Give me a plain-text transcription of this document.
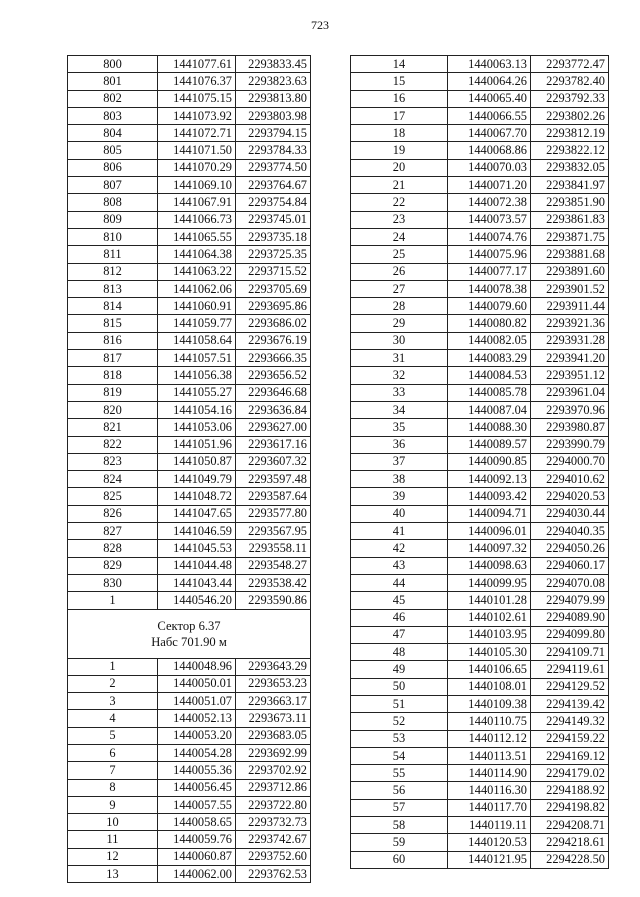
723
800	1441077.61	2293833.45
801	1441076.37	2293823.63
802	1441075.15	2293813.80
803	1441073.92	2293803.98
804	1441072.71	2293794.15
805	1441071.50	2293784.33
806	1441070.29	2293774.50
807	1441069.10	2293764.67
808	1441067.91	2293754.84
809	1441066.73	2293745.01
810	1441065.55	2293735.18
811	1441064.38	2293725.35
812	1441063.22	2293715.52
813	1441062.06	2293705.69
814	1441060.91	2293695.86
815	1441059.77	2293686.02
816	1441058.64	2293676.19
817	1441057.51	2293666.35
818	1441056.38	2293656.52
819	1441055.27	2293646.68
820	1441054.16	2293636.84
821	1441053.06	2293627.00
822	1441051.96	2293617.16
823	1441050.87	2293607.32
824	1441049.79	2293597.48
825	1441048.72	2293587.64
826	1441047.65	2293577.80
827	1441046.59	2293567.95
828	1441045.53	2293558.11
829	1441044.48	2293548.27
830	1441043.44	2293538.42
1	1440546.20	2293590.86

Сектор 6.37
Набс 701.90 м		

1	1440048.96	2293643.29
2	1440050.01	2293653.23
3	1440051.07	2293663.17
4	1440052.13	2293673.11
5	1440053.20	2293683.05
6	1440054.28	2293692.99
7	1440055.36	2293702.92
8	1440056.45	2293712.86
9	1440057.55	2293722.80
10	1440058.65	2293732.73
11	1440059.76	2293742.67
12	1440060.87	2293752.60
13	1440062.00	2293762.53
14	1440063.13	2293772.47
15	1440064.26	2293782.40
16	1440065.40	2293792.33
17	1440066.55	2293802.26
18	1440067.70	2293812.19
19	1440068.86	2293822.12
20	1440070.03	2293832.05
21	1440071.20	2293841.97
22	1440072.38	2293851.90
23	1440073.57	2293861.83
24	1440074.76	2293871.75
25	1440075.96	2293881.68
26	1440077.17	2293891.60
27	1440078.38	2293901.52
28	1440079.60	2293911.44
29	1440080.82	2293921.36
30	1440082.05	2293931.28
31	1440083.29	2293941.20
32	1440084.53	2293951.12
33	1440085.78	2293961.04
34	1440087.04	2293970.96
35	1440088.30	2293980.87
36	1440089.57	2293990.79
37	1440090.85	2294000.70
38	1440092.13	2294010.62
39	1440093.42	2294020.53
40	1440094.71	2294030.44
41	1440096.01	2294040.35
42	1440097.32	2294050.26
43	1440098.63	2294060.17
44	1440099.95	2294070.08
45	1440101.28	2294079.99
46	1440102.61	2294089.90
47	1440103.95	2294099.80
48	1440105.30	2294109.71
49	1440106.65	2294119.61
50	1440108.01	2294129.52
51	1440109.38	2294139.42
52	1440110.75	2294149.32
53	1440112.12	2294159.22
54	1440113.51	2294169.12
55	1440114.90	2294179.02
56	1440116.30	2294188.92
57	1440117.70	2294198.82
58	1440119.11	2294208.71
59	1440120.53	2294218.61
60	1440121.95	2294228.50
